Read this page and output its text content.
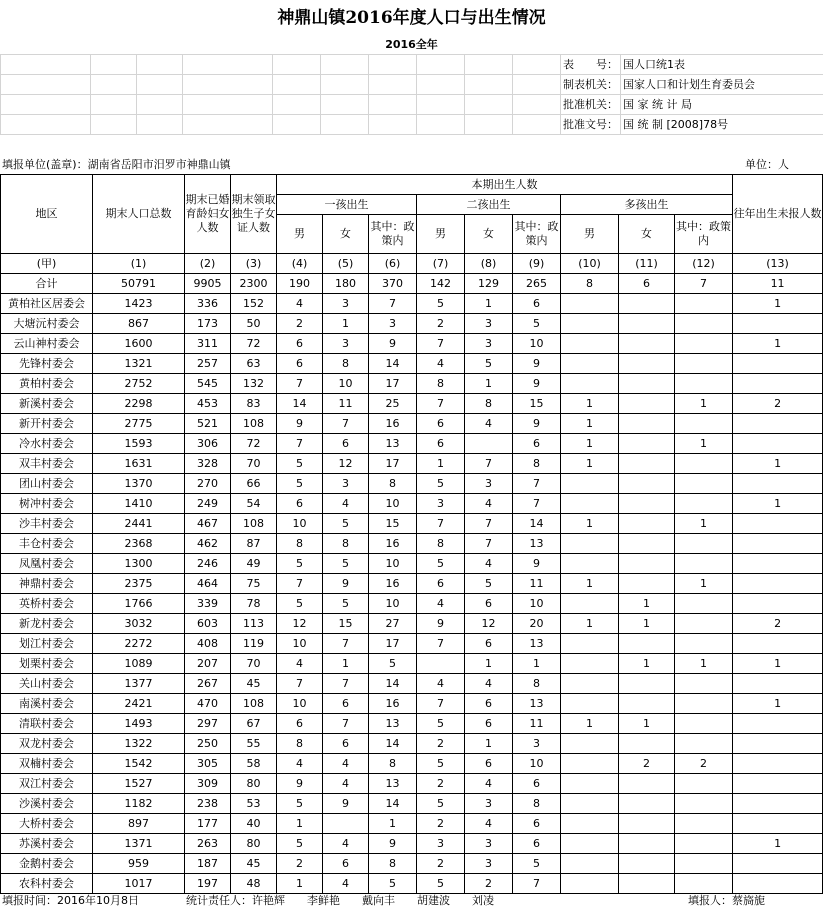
神鼎山镇2016年度人口与出生情况
2016全年
										表　　号：	国人口统1表
										制表机关：	国家人口和计划生育委员会
										批准机关：	国 家 统 计 局
										批准文号：	国 统 制 [2008]78号
填报单位(盖章)：湖南省岳阳市汨罗市神鼎山镇	单位：人
地区	期末人口总数	期末已婚育龄妇女人数	期末领取独生子女证人数	本期出生人数									往年出生未报人数
				一孩出生			二孩出生			多孩出生			
				男	女	其中：政策内	男	女	其中：政策内	男	女	其中：政策内	
(甲)	(1)	(2)	(3)	(4)	(5)	(6)	(7)	(8)	(9)	(10)	(11)	(12)	(13)
合计	50791	9905	2300	190	180	370	142	129	265	8	6	7	11
黄柏社区居委会	1423	336	152	4	3	7	5	1	6				1
大塘沅村委会	867	173	50	2	1	3	2	3	5				
云山神村委会	1600	311	72	6	3	9	7	3	10				1
先锋村委会	1321	257	63	6	8	14	4	5	9				
黄柏村委会	2752	545	132	7	10	17	8	1	9				
新溪村委会	2298	453	83	14	11	25	7	8	15	1		1	2
新开村委会	2775	521	108	9	7	16	6	4	9	1			
冷水村委会	1593	306	72	7	6	13	6		6	1		1	
双丰村委会	1631	328	70	5	12	17	1	7	8	1			1
团山村委会	1370	270	66	5	3	8	5	3	7				
树冲村委会	1410	249	54	6	4	10	3	4	7				1
沙丰村委会	2441	467	108	10	5	15	7	7	14	1		1	
丰仓村委会	2368	462	87	8	8	16	8	7	13				
凤凰村委会	1300	246	49	5	5	10	5	4	9				
神鼎村委会	2375	464	75	7	9	16	6	5	11	1		1	
英桥村委会	1766	339	78	5	5	10	4	6	10		1		
新龙村委会	3032	603	113	12	15	27	9	12	20	1	1		2
划江村委会	2272	408	119	10	7	17	7	6	13				
划栗村委会	1089	207	70	4	1	5		1	1		1	1	1
关山村委会	1377	267	45	7	7	14	4	4	8				
南溪村委会	2421	470	108	10	6	16	7	6	13				1
清联村委会	1493	297	67	6	7	13	5	6	11	1	1		
双龙村委会	1322	250	55	8	6	14	2	1	3				
双楠村委会	1542	305	58	4	4	8	5	6	10		2	2	
双江村委会	1527	309	80	9	4	13	2	4	6				
沙溪村委会	1182	238	53	5	9	14	5	3	8				
大桥村委会	897	177	40	1		1	2	4	6				
苏溪村委会	1371	263	80	5	4	9	3	3	6				1
金鹅村委会	959	187	45	2	6	8	2	3	5				
农科村委会	1017	197	48	1	4	5	5	2	7				
填报时间：2016年10月8日	统计责任人：许艳辉　　李鲜艳　　戴向丰　　胡建波　　刘凌	填报人：蔡旖旎
